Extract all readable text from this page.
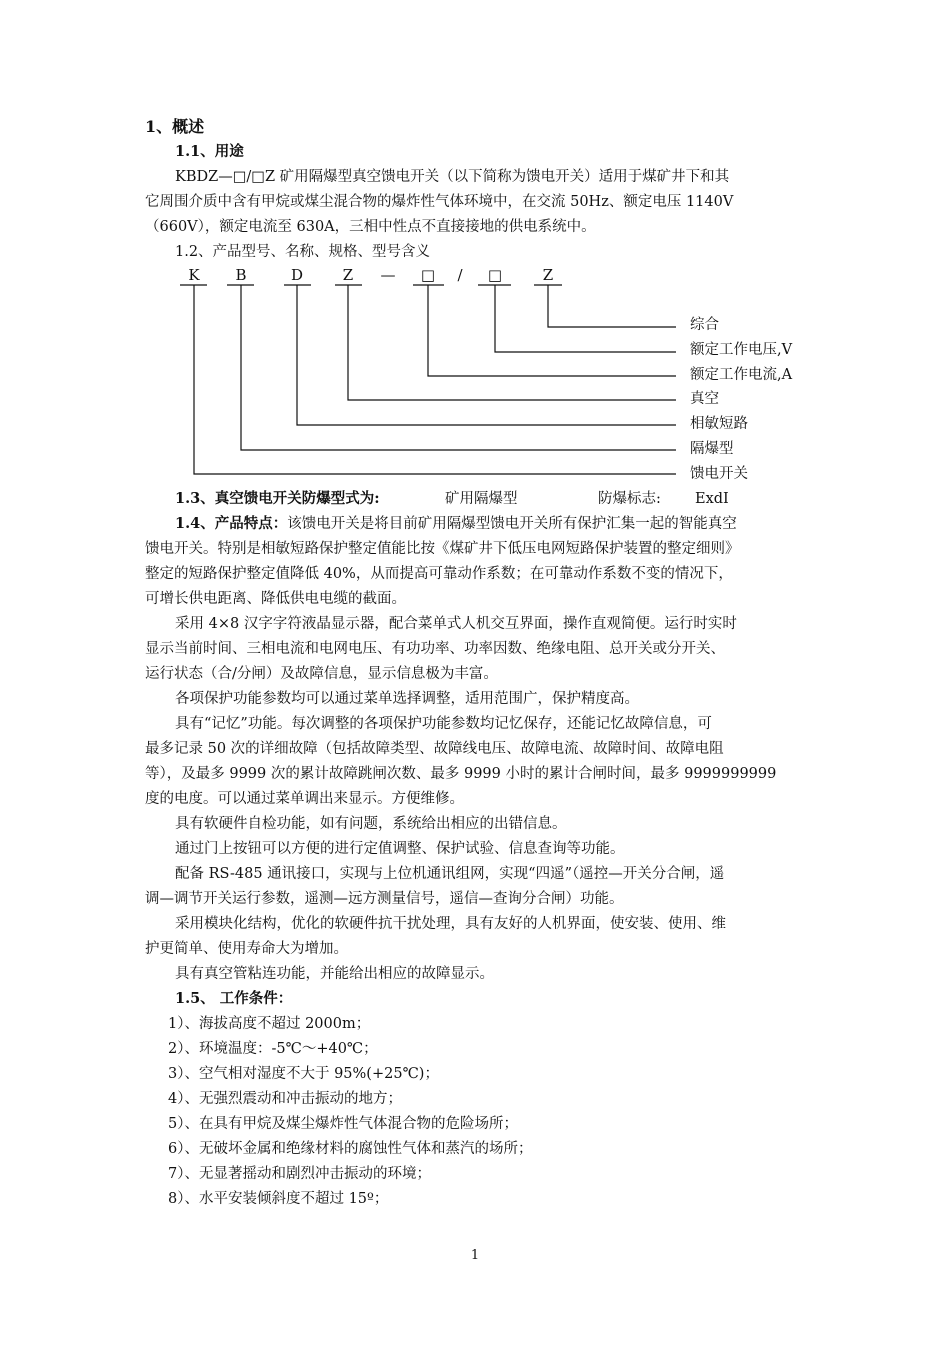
1、概述
1.1、用途
KBDZ—□/□Z 矿用隔爆型真空馈电开关（以下简称为馈电开关）适用于煤矿井下和其
它周围介质中含有甲烷或煤尘混合物的爆炸性气体环境中，在交流 50Hz、额定电压 1140V
（660V），额定电流至 630A，三相中性点不直接接地的供电系统中。
1.2、产品型号、名称、规格、型号含义
K B	D	Z — □ / □	Z
综合
额定工作电压,V
额定工作电流,A
真空
相敏短路
隔爆型
馈电开关
1.3、真空馈电开关防爆型式为:	矿用隔爆型	防爆标志: ExdI
1.4、产品特点：该馈电开关是将目前矿用隔爆型馈电开关所有保护汇集一起的智能真空
馈电开关。特别是相敏短路保护整定值能比按《煤矿井下低压电网短路保护装置的整定细则》
整定的短路保护整定值降低 40%，从而提高可靠动作系数；在可靠动作系数不变的情况下，
可增长供电距离、降低供电电缆的截面。
采用 4×8 汉字字符液晶显示器，配合菜单式人机交互界面，操作直观简便。运行时实时
显示当前时间、三相电流和电网电压、有功功率、功率因数、绝缘电阻、总开关或分开关、
运行状态（合/分闸）及故障信息，显示信息极为丰富。
各项保护功能参数均可以通过菜单选择调整，适用范围广，保护精度高。
具有“记忆”功能。每次调整的各项保护功能参数均记忆保存，还能记忆故障信息，可
最多记录 50 次的详细故障（包括故障类型、故障线电压、故障电流、故障时间、故障电阻
等），及最多 9999 次的累计故障跳闸次数、最多 9999 小时的累计合闸时间，最多 9999999999
度的电度。可以通过菜单调出来显示。方便维修。
具有软硬件自检功能，如有问题，系统给出相应的出错信息。
通过门上按钮可以方便的进行定值调整、保护试验、信息查询等功能。
配备 RS-485 通讯接口，实现与上位机通讯组网，实现“四遥”（遥控—开关分合闸，遥
调—调节开关运行参数，遥测—远方测量信号，遥信—查询分合闸）功能。
采用模块化结构，优化的软硬件抗干扰处理，具有友好的人机界面，使安装、使用、维
护更简单、使用寿命大为增加。
具有真空管粘连功能，并能给出相应的故障显示。
1.5、 工作条件：
1）、海拔高度不超过 2000m；
2）、环境温度：-5℃～+40℃；
3）、空气相对湿度不大于 95%(+25℃)；
4）、无强烈震动和冲击振动的地方；
5）、在具有甲烷及煤尘爆炸性气体混合物的危险场所；
6）、无破坏金属和绝缘材料的腐蚀性气体和蒸汽的场所；
7）、无显著摇动和剧烈冲击振动的环境；
8）、水平安装倾斜度不超过 15º；
1
